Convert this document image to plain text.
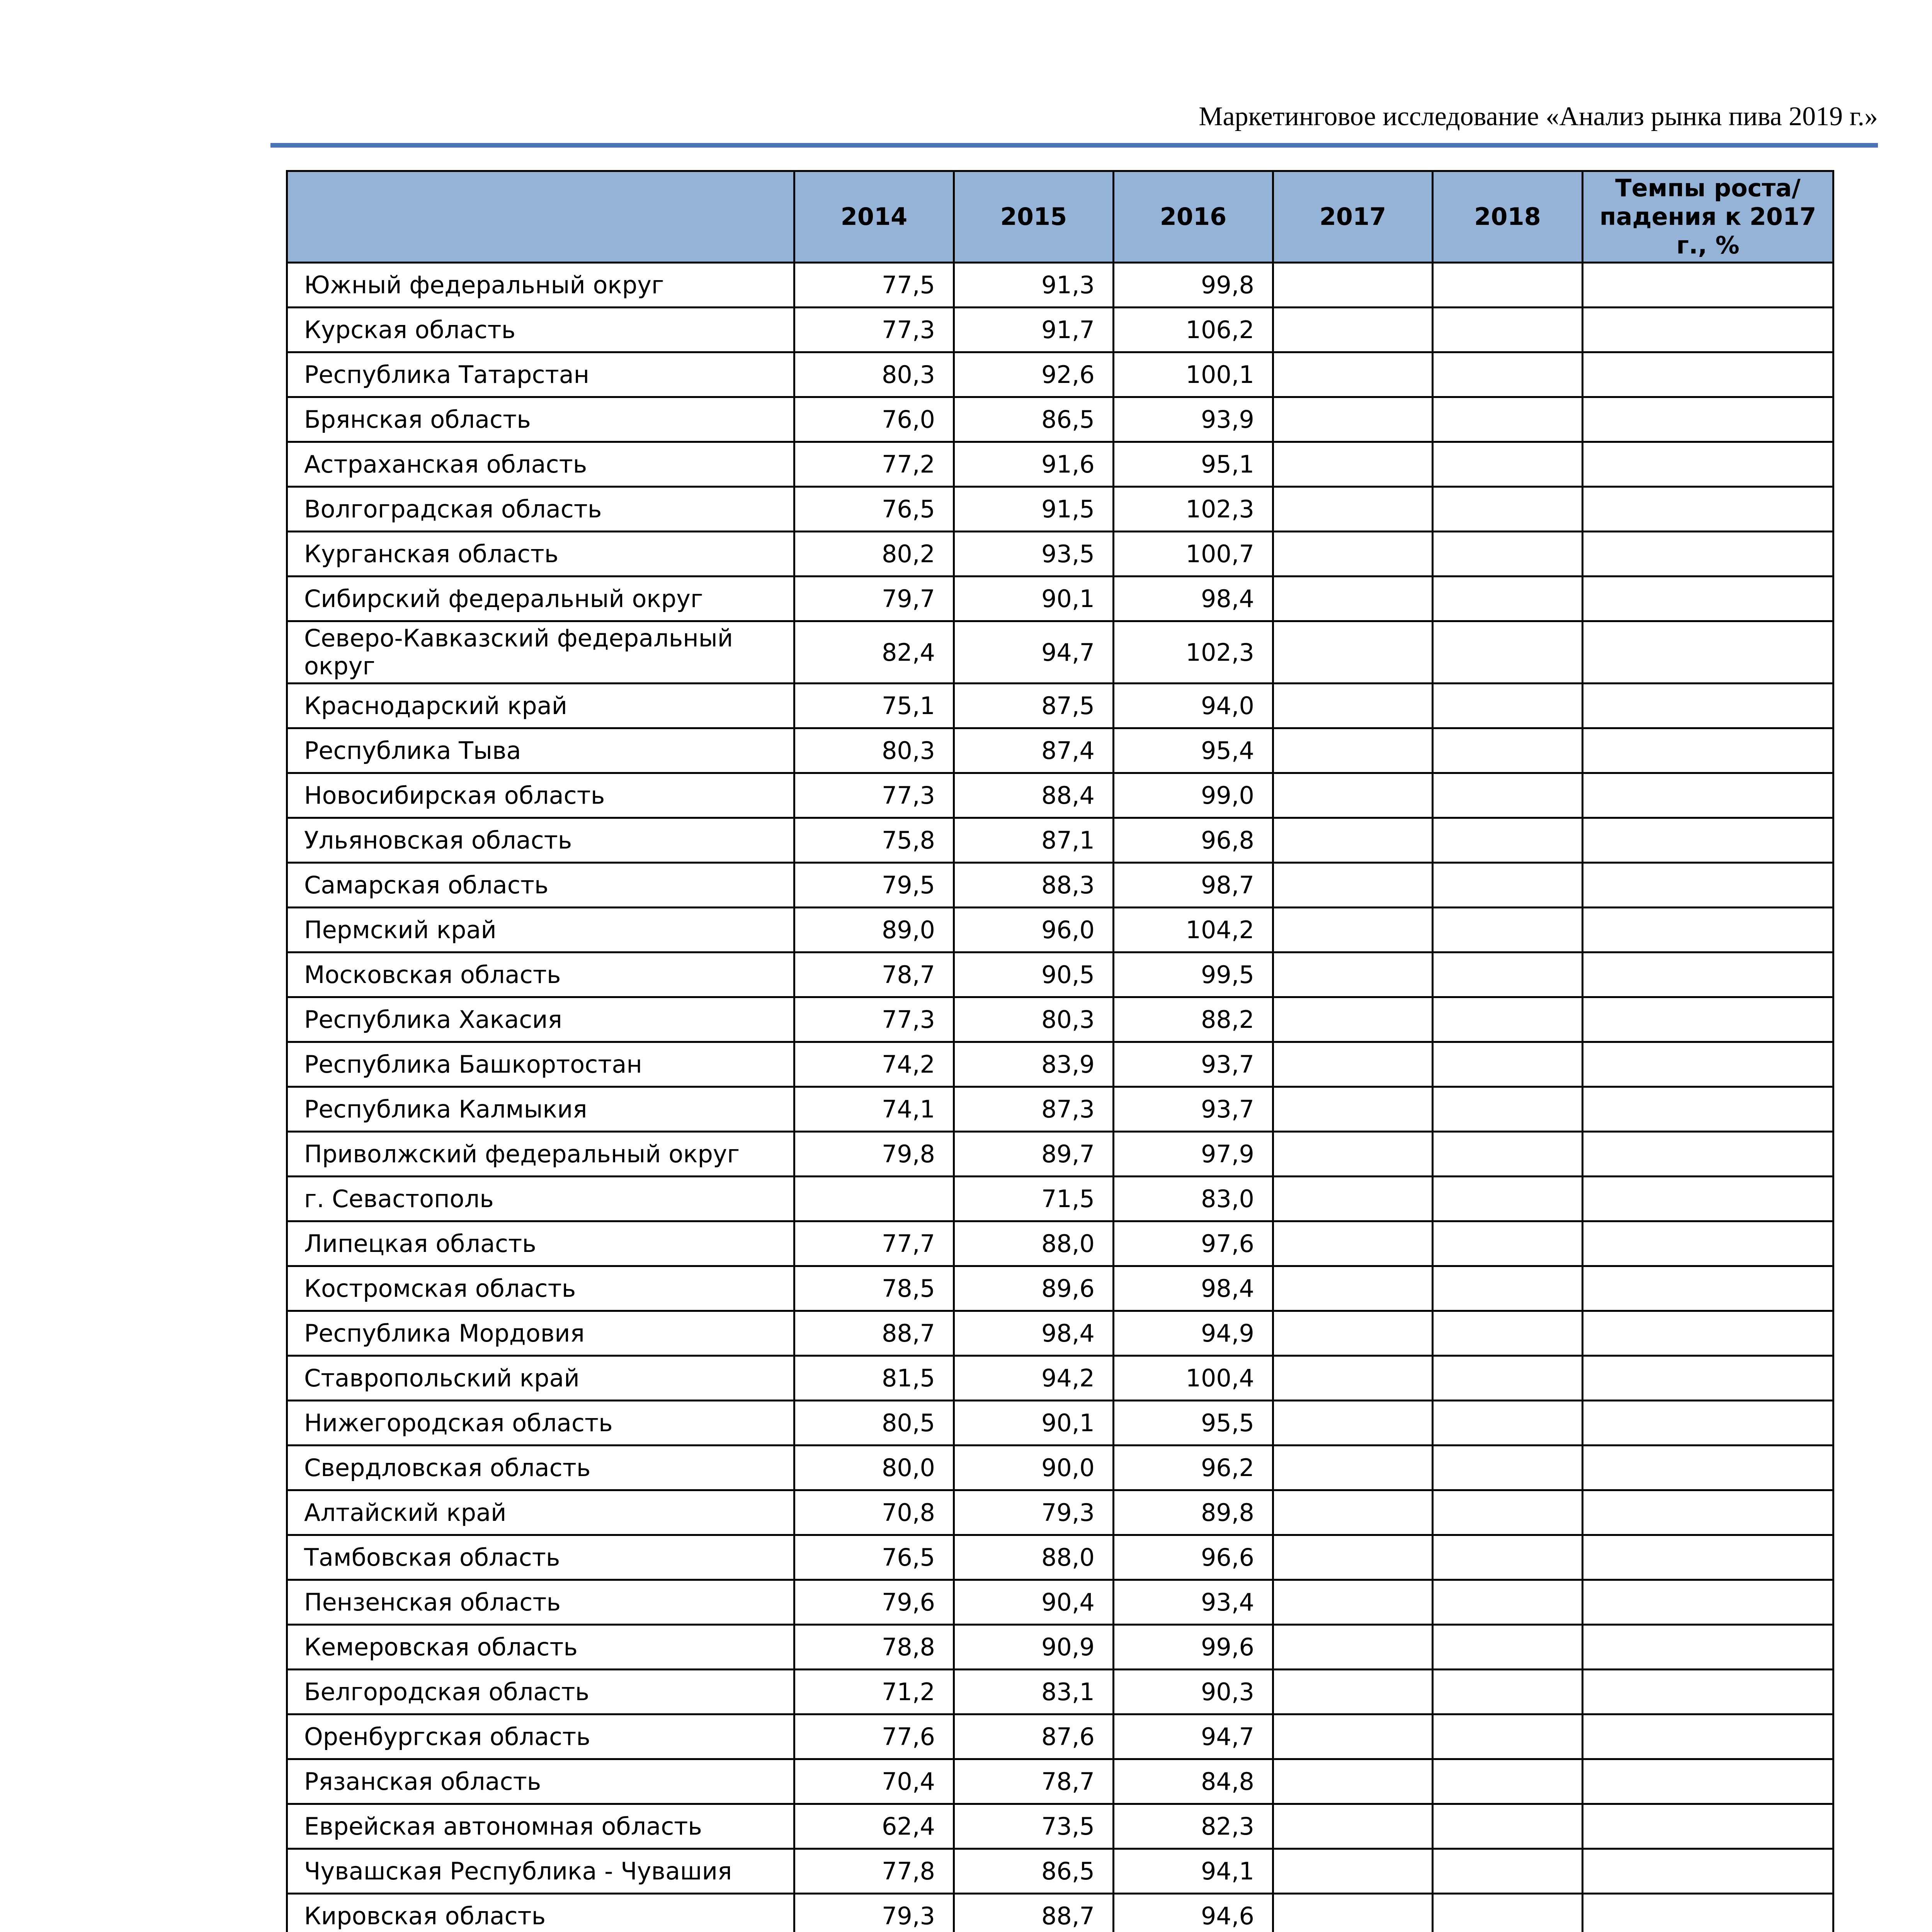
Маркетинговое исследование «Анализ рынка пива 2019 г.»
	2014	2015	2016	2017	2018	Темпы роста/падения к 2017 г., %
Южный федеральный округ	77,5	91,3	99,8			
Курская область	77,3	91,7	106,2			
Республика Татарстан	80,3	92,6	100,1			
Брянская область	76,0	86,5	93,9			
Астраханская область	77,2	91,6	95,1			
Волгоградская область	76,5	91,5	102,3			
Курганская область	80,2	93,5	100,7			
Сибирский федеральный округ	79,7	90,1	98,4			
Северо-Кавказский федеральный округ	82,4	94,7	102,3			
Краснодарский край	75,1	87,5	94,0			
Республика Тыва	80,3	87,4	95,4			
Новосибирская область	77,3	88,4	99,0			
Ульяновская область	75,8	87,1	96,8			
Самарская область	79,5	88,3	98,7			
Пермский край	89,0	96,0	104,2			
Московская область	78,7	90,5	99,5			
Республика Хакасия	77,3	80,3	88,2			
Республика Башкортостан	74,2	83,9	93,7			
Республика Калмыкия	74,1	87,3	93,7			
Приволжский федеральный округ	79,8	89,7	97,9			
г. Севастополь		71,5	83,0			
Липецкая область	77,7	88,0	97,6			
Костромская область	78,5	89,6	98,4			
Республика Мордовия	88,7	98,4	94,9			
Ставропольский край	81,5	94,2	100,4			
Нижегородская область	80,5	90,1	95,5			
Свердловская область	80,0	90,0	96,2			
Алтайский край	70,8	79,3	89,8			
Тамбовская область	76,5	88,0	96,6			
Пензенская область	79,6	90,4	93,4			
Кемеровская область	78,8	90,9	99,6			
Белгородская область	71,2	83,1	90,3			
Оренбургская область	77,6	87,6	94,7			
Рязанская область	70,4	78,7	84,8			
Еврейская автономная область	62,4	73,5	82,3			
Чувашская Республика - Чувашия	77,8	86,5	94,1			
Кировская область	79,3	88,7	94,6			
